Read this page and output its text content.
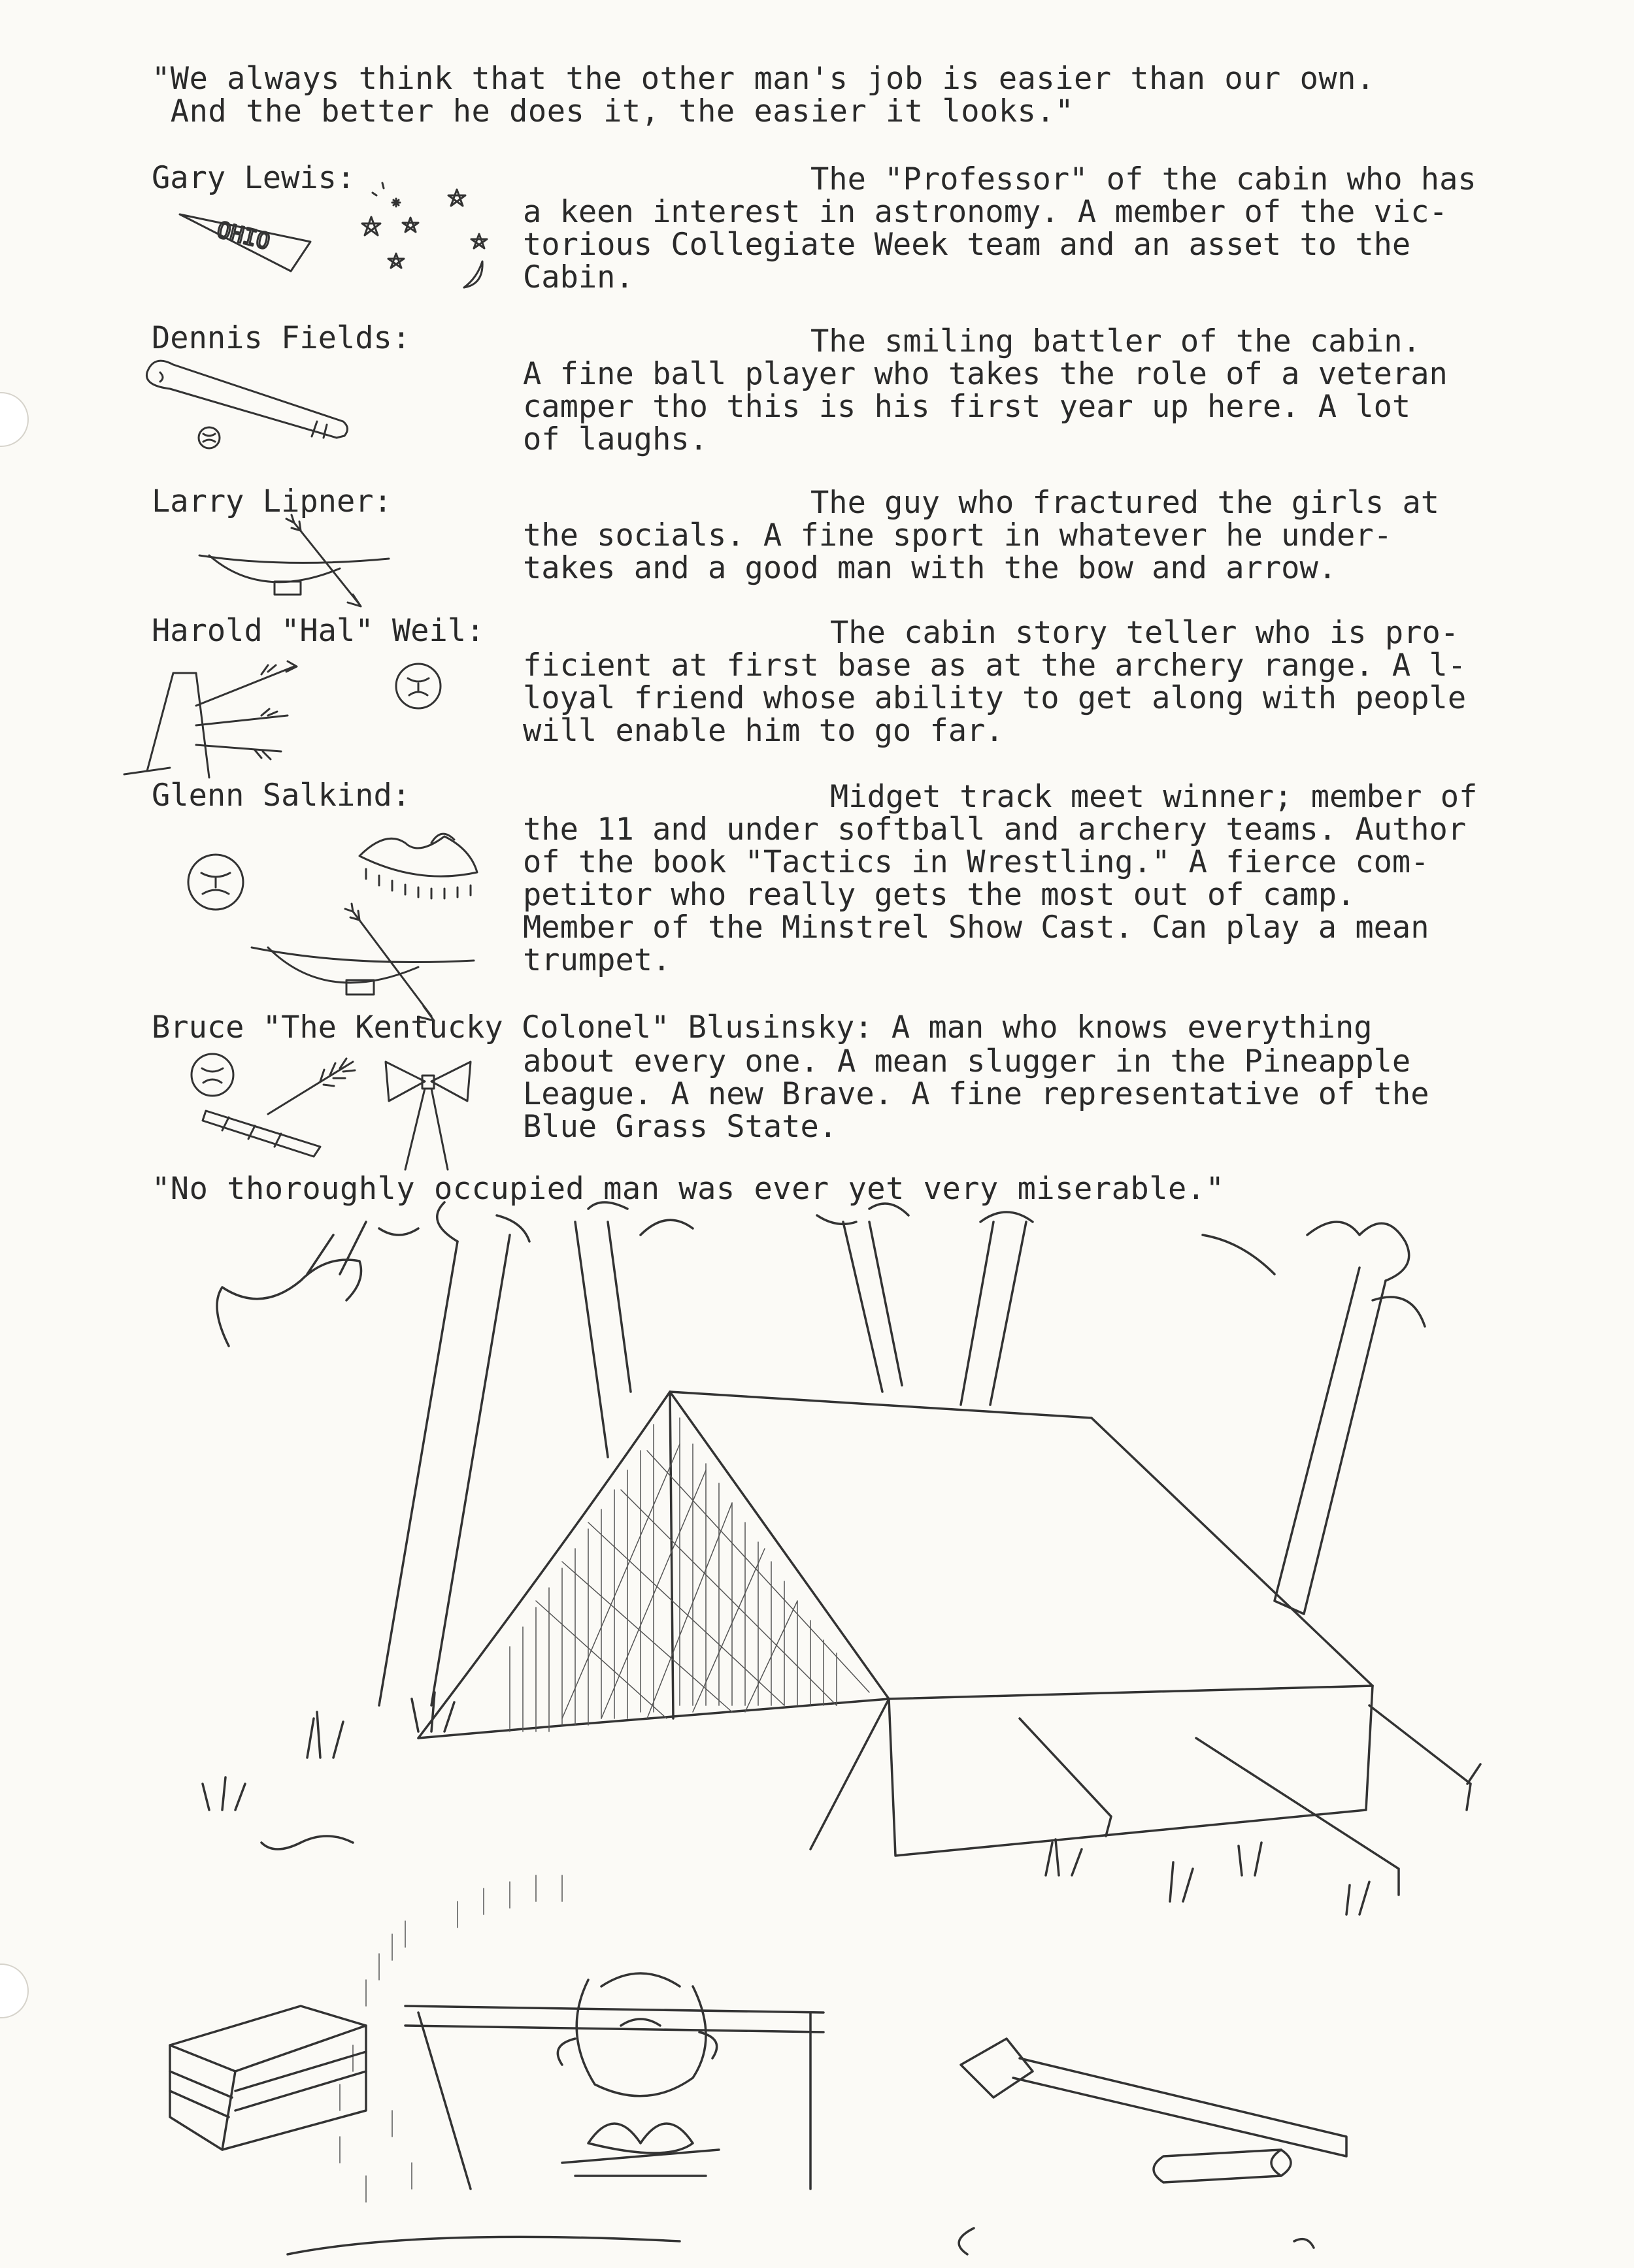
"We always think that the other man's job is easier than our own.
And the better he does it, the easier it looks."
Gary Lewis:	The "Professor" of the cabin who has
a keen interest in astronomy. A member of the vic-
torious Collegiate Week team and an asset to the
Cabin.
OHIO
Dennis Fields:	The smiling battler of the cabin.
A fine ball player who takes the role of a veteran
camper tho this is his first year up here. A lot
of laughs.
Larry Lipner:	The guy who fractured the girls at
the socials. A fine sport in whatever he under-
takes and a good man with the bow and arrow.
Harold "Hal" Weil:	The cabin story teller who is pro-
ficient at first base as at the archery range. A l-
loyal friend whose ability to get along with people
will enable him to go far.
Glenn Salkind:	Midget track meet winner; member of
the 11 and under softball and archery teams. Author
of the book "Tactics in Wrestling." A fierce com-
petitor who really gets the most out of camp.
Member of the Minstrel Show Cast. Can play a mean
trumpet.
Bruce "The Kentucky Colonel" Blusinsky: A man who knows everything
about every one. A mean slugger in the Pineapple
League. A new Brave. A fine representative of the
Blue Grass State.
"No thoroughly occupied man was ever yet very miserable."
